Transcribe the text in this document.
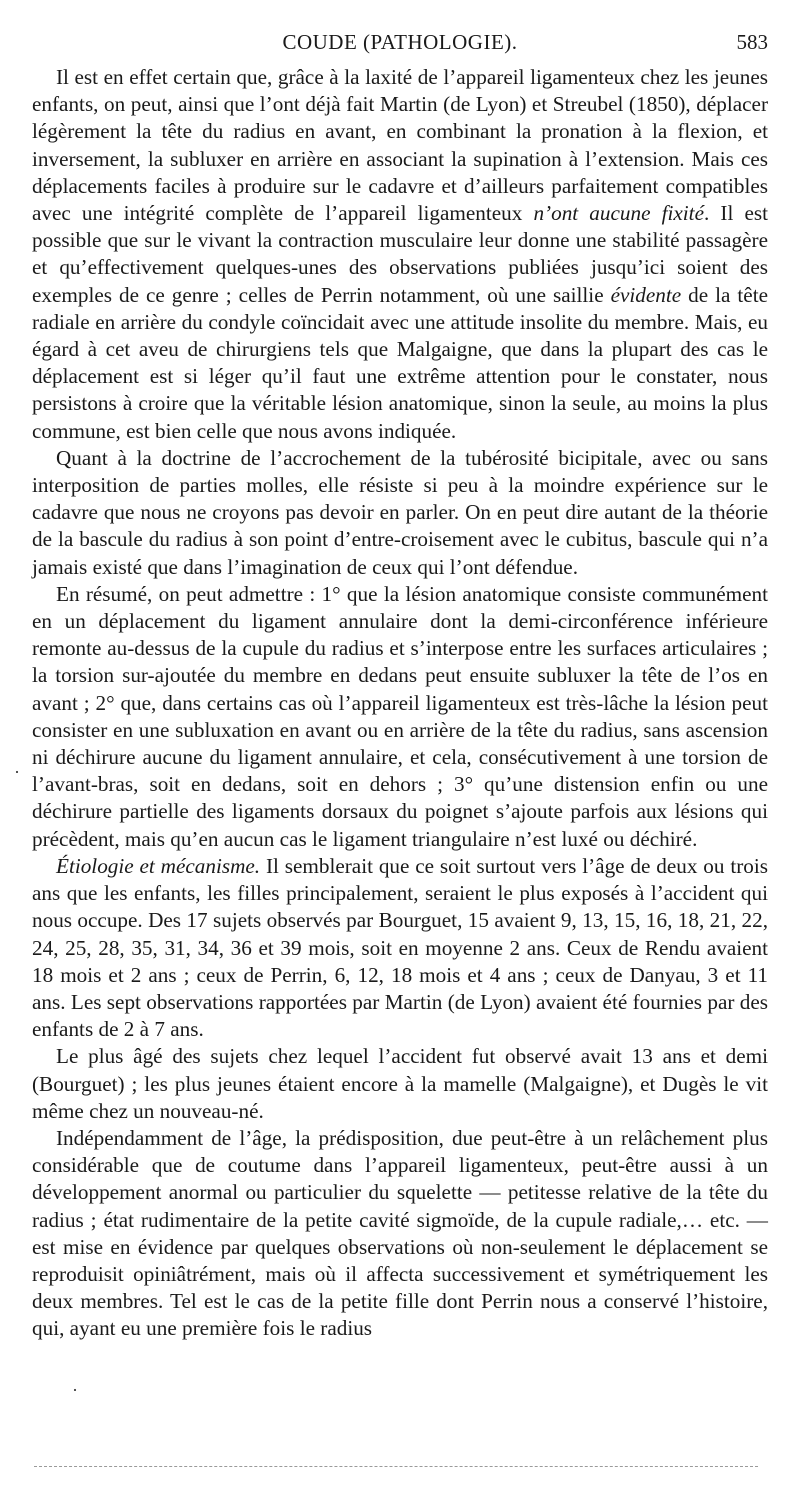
COUDE (PATHOLOGIE).	583

Il est en effet certain que, grâce à la laxité de l’appareil ligamenteux chez les jeunes enfants, on peut, ainsi que l’ont déjà fait Martin (de Lyon) et Streubel (1850), déplacer légèrement la tête du radius en avant, en combinant la pronation à la flexion, et inversement, la subluxer en arrière en associant la supination à l’extension. Mais ces déplacements faciles à produire sur le cadavre et d’ailleurs parfaitement compatibles avec une intégrité complète de l’appareil ligamenteux n’ont aucune fixité. Il est possible que sur le vivant la contraction musculaire leur donne une stabilité passagère et qu’effectivement quelques-unes des observations publiées jusqu’ici soient des exemples de ce genre ; celles de Perrin notamment, où une saillie évidente de la tête radiale en arrière du condyle coïncidait avec une attitude insolite du membre. Mais, eu égard à cet aveu de chirurgiens tels que Malgaigne, que dans la plupart des cas le déplacement est si léger qu’il faut une extrême attention pour le constater, nous persistons à croire que la véritable lésion anatomique, sinon la seule, au moins la plus commune, est bien celle que nous avons indiquée.

Quant à la doctrine de l’accrochement de la tubérosité bicipitale, avec ou sans interposition de parties molles, elle résiste si peu à la moindre expérience sur le cadavre que nous ne croyons pas devoir en parler. On en peut dire autant de la théorie de la bascule du radius à son point d’entre-croisement avec le cubitus, bascule qui n’a jamais existé que dans l’imagination de ceux qui l’ont défendue.

En résumé, on peut admettre : 1° que la lésion anatomique consiste communément en un déplacement du ligament annulaire dont la demi-circonférence inférieure remonte au-dessus de la cupule du radius et s’interpose entre les surfaces articulaires ; la torsion sur-ajoutée du membre en dedans peut ensuite subluxer la tête de l’os en avant ; 2° que, dans certains cas où l’appareil ligamenteux est très-lâche la lésion peut consister en une subluxation en avant ou en arrière de la tête du radius, sans ascension ni déchirure aucune du ligament annulaire, et cela, consécutivement à une torsion de l’avant-bras, soit en dedans, soit en dehors ; 3° qu’une distension enfin ou une déchirure partielle des ligaments dorsaux du poignet s’ajoute parfois aux lésions qui précèdent, mais qu’en aucun cas le ligament triangulaire n’est luxé ou déchiré.

Étiologie et mécanisme. Il semblerait que ce soit surtout vers l’âge de deux ou trois ans que les enfants, les filles principalement, seraient le plus exposés à l’accident qui nous occupe. Des 17 sujets observés par Bourguet, 15 avaient 9, 13, 15, 16, 18, 21, 22, 24, 25, 28, 35, 31, 34, 36 et 39 mois, soit en moyenne 2 ans. Ceux de Rendu avaient 18 mois et 2 ans ; ceux de Perrin, 6, 12, 18 mois et 4 ans ; ceux de Danyau, 3 et 11 ans. Les sept observations rapportées par Martin (de Lyon) avaient été fournies par des enfants de 2 à 7 ans.

Le plus âgé des sujets chez lequel l’accident fut observé avait 13 ans et demi (Bourguet) ; les plus jeunes étaient encore à la mamelle (Malgaigne), et Dugès le vit même chez un nouveau-né.

Indépendamment de l’âge, la prédisposition, due peut-être à un relâchement plus considérable que de coutume dans l’appareil ligamenteux, peut-être aussi à un développement anormal ou particulier du squelette — petitesse relative de la tête du radius ; état rudimentaire de la petite cavité sigmoïde, de la cupule radiale,… etc. — est mise en évidence par quelques observations où non-seulement le déplacement se reproduisit opiniâtrément, mais où il affecta successivement et symétriquement les deux membres. Tel est le cas de la petite fille dont Perrin nous a conservé l’histoire, qui, ayant eu une première fois le radius

·
·
